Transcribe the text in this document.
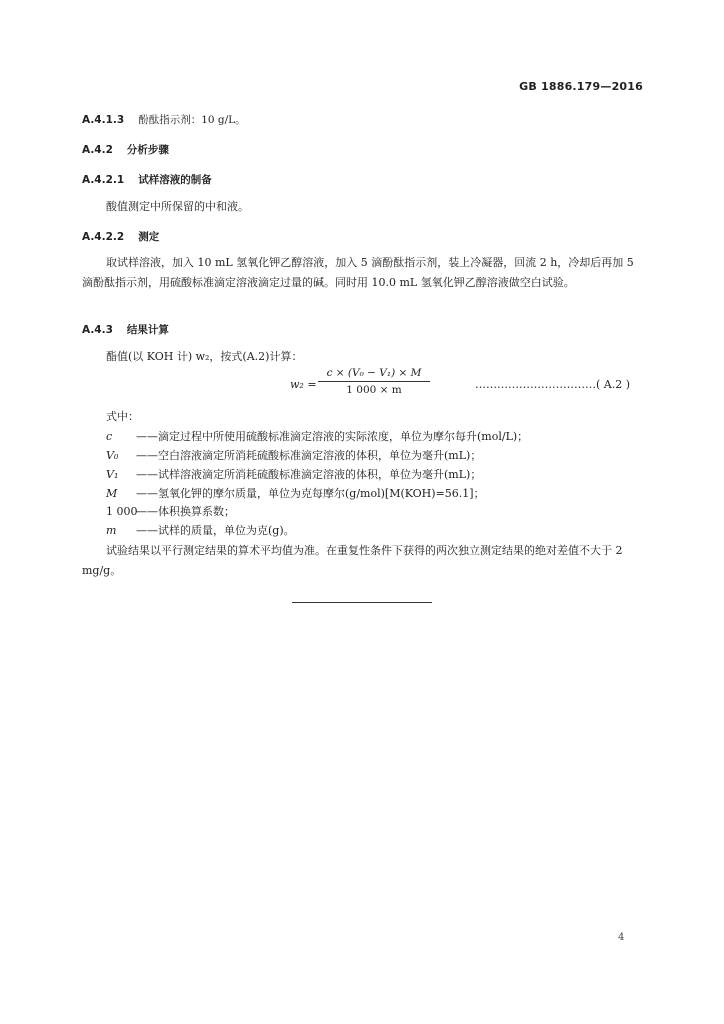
GB 1886.179—2016
A.4.1.3 酚酞指示剂：10 g/L。
A.4.2 分析步骤
A.4.2.1 试样溶液的制备
酸值测定中所保留的中和液。
A.4.2.2 测定
取试样溶液，加入 10 mL 氢氧化钾乙醇溶液，加入 5 滴酚酞指示剂，装上冷凝器，回流 2 h，冷却后再加 5 滴酚酞指示剂，用硫酸标准滴定溶液滴定过量的碱。同时用 10.0 mL 氢氧化钾乙醇溶液做空白试验。
A.4.3 结果计算
酯值(以 KOH 计) w₂，按式(A.2)计算：
$w_2 = \frac{\text{c × (V₀ − V₁) × M}}{1 000 \times m}$	……………………………( A.2 )
式中：
c ——滴定过程中所使用硫酸标准滴定溶液的实际浓度，单位为摩尔每升(mol/L)；
V₀ ——空白溶液滴定所消耗硫酸标准滴定溶液的体积，单位为毫升(mL)；
V₁ ——试样溶液滴定所消耗硫酸标准滴定溶液的体积，单位为毫升(mL)；
M ——氢氧化钾的摩尔质量，单位为克每摩尔(g/mol)[M(KOH)=56.1]；
1 000——体积换算系数；
m ——试样的质量，单位为克(g)。
试验结果以平行测定结果的算术平均值为准。在重复性条件下获得的两次独立测定结果的绝对差值不大于 2 mg/g。
4
